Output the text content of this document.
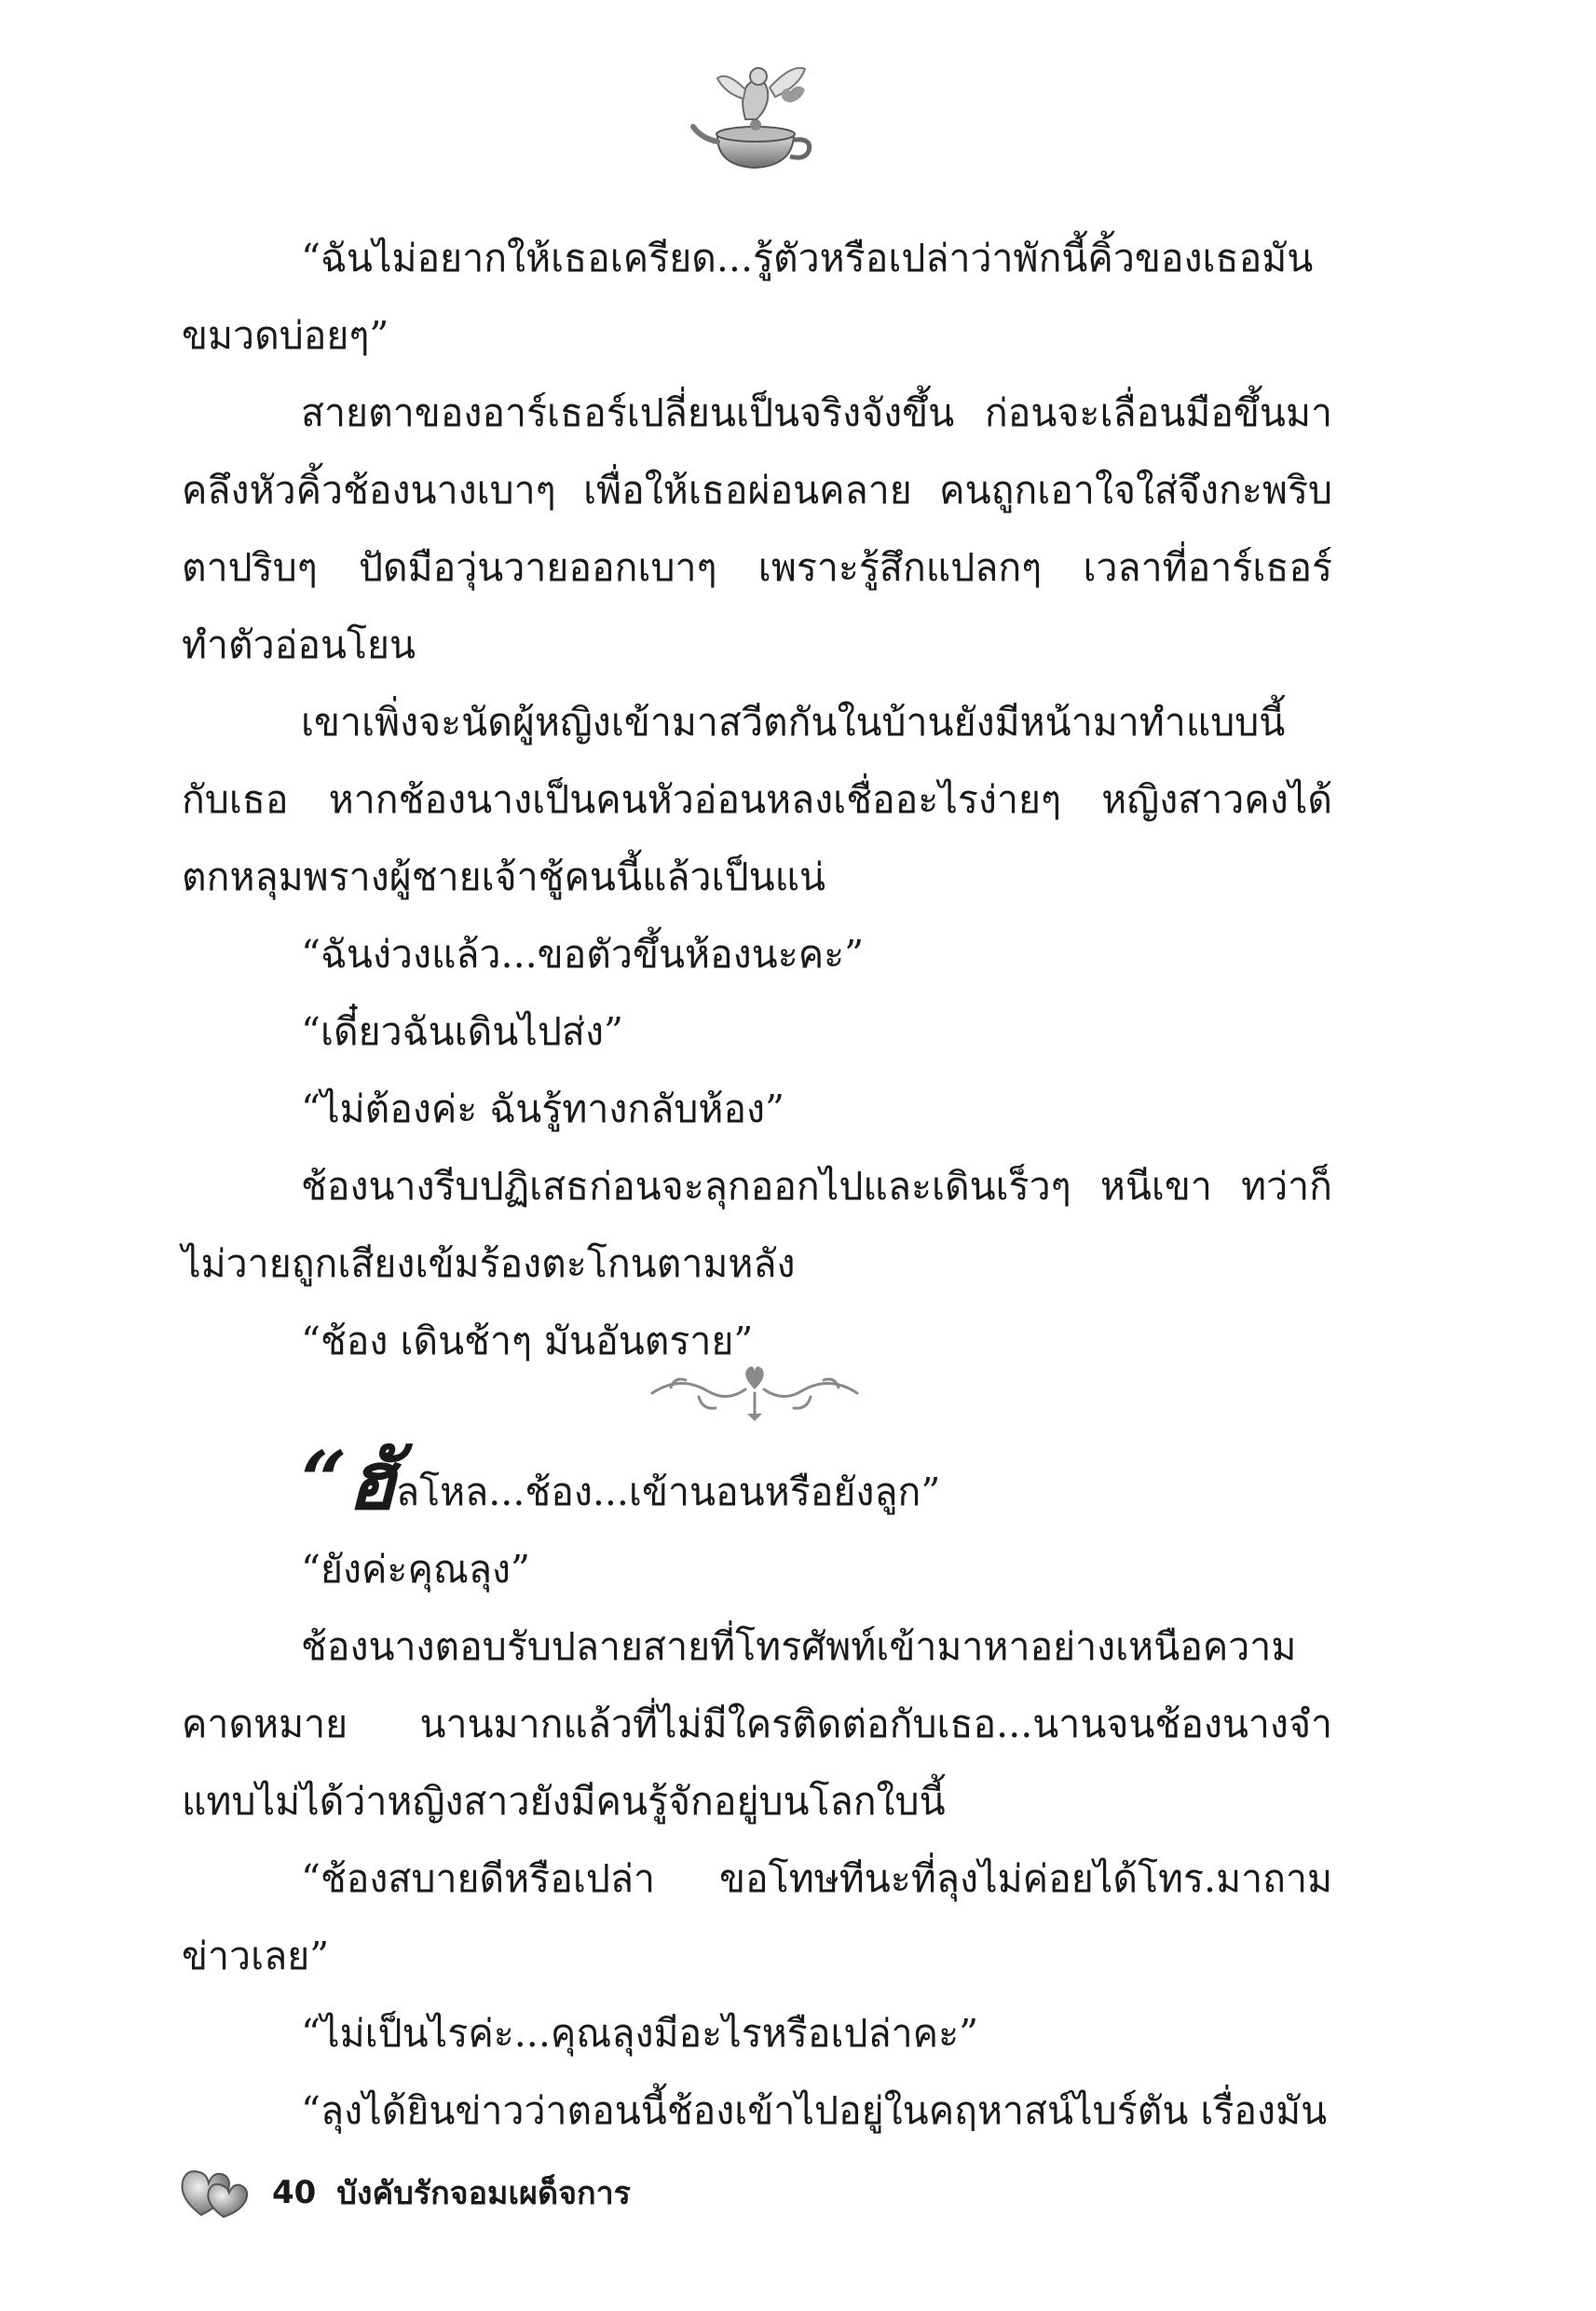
“ฉันไม่อยากให้เธอเครียด...รู้ตัวหรือเปล่าว่าพักนี้คิ้วของเธอมันขมวดบ่อยๆ”

สายตาของอาร์เธอร์เปลี่ยนเป็นจริงจังขึ้น ก่อนจะเลื่อนมือขึ้นมาคลึงหัวคิ้วช้องนางเบาๆ เพื่อให้เธอผ่อนคลาย คนถูกเอาใจใส่จึงกะพริบตาปริบๆ ปัดมือวุ่นวายออกเบาๆ เพราะรู้สึกแปลกๆ เวลาที่อาร์เธอร์ทำตัวอ่อนโยน

เขาเพิ่งจะนัดผู้หญิงเข้ามาสวีตกันในบ้านยังมีหน้ามาทำแบบนี้กับเธอ หากช้องนางเป็นคนหัวอ่อนหลงเชื่ออะไรง่ายๆ หญิงสาวคงได้ตกหลุมพรางผู้ชายเจ้าชู้คนนี้แล้วเป็นแน่

“ฉันง่วงแล้ว...ขอตัวขึ้นห้องนะคะ”

“เดี๋ยวฉันเดินไปส่ง”

“ไม่ต้องค่ะ ฉันรู้ทางกลับห้อง”

ช้องนางรีบปฏิเสธก่อนจะลุกออกไปและเดินเร็วๆ หนีเขา ทว่าก็ไม่วายถูกเสียงเข้มร้องตะโกนตามหลัง

“ช้อง เดินช้าๆ มันอันตราย”

“ฮัลโหล...ช้อง...เข้านอนหรือยังลูก”

“ยังค่ะคุณลุง”

ช้องนางตอบรับปลายสายที่โทรศัพท์เข้ามาหาอย่างเหนือความคาดหมาย นานมากแล้วที่ไม่มีใครติดต่อกับเธอ...นานจนช้องนางจำแทบไม่ได้ว่าหญิงสาวยังมีคนรู้จักอยู่บนโลกใบนี้

“ช้องสบายดีหรือเปล่า ขอโทษทีนะที่ลุงไม่ค่อยได้โทร.มาถามข่าวเลย”

“ไม่เป็นไรค่ะ...คุณลุงมีอะไรหรือเปล่าคะ”

“ลุงได้ยินข่าวว่าตอนนี้ช้องเข้าไปอยู่ในคฤหาสน์ไบร์ตัน เรื่องมัน

40 บังคับรักจอมเผด็จการ
